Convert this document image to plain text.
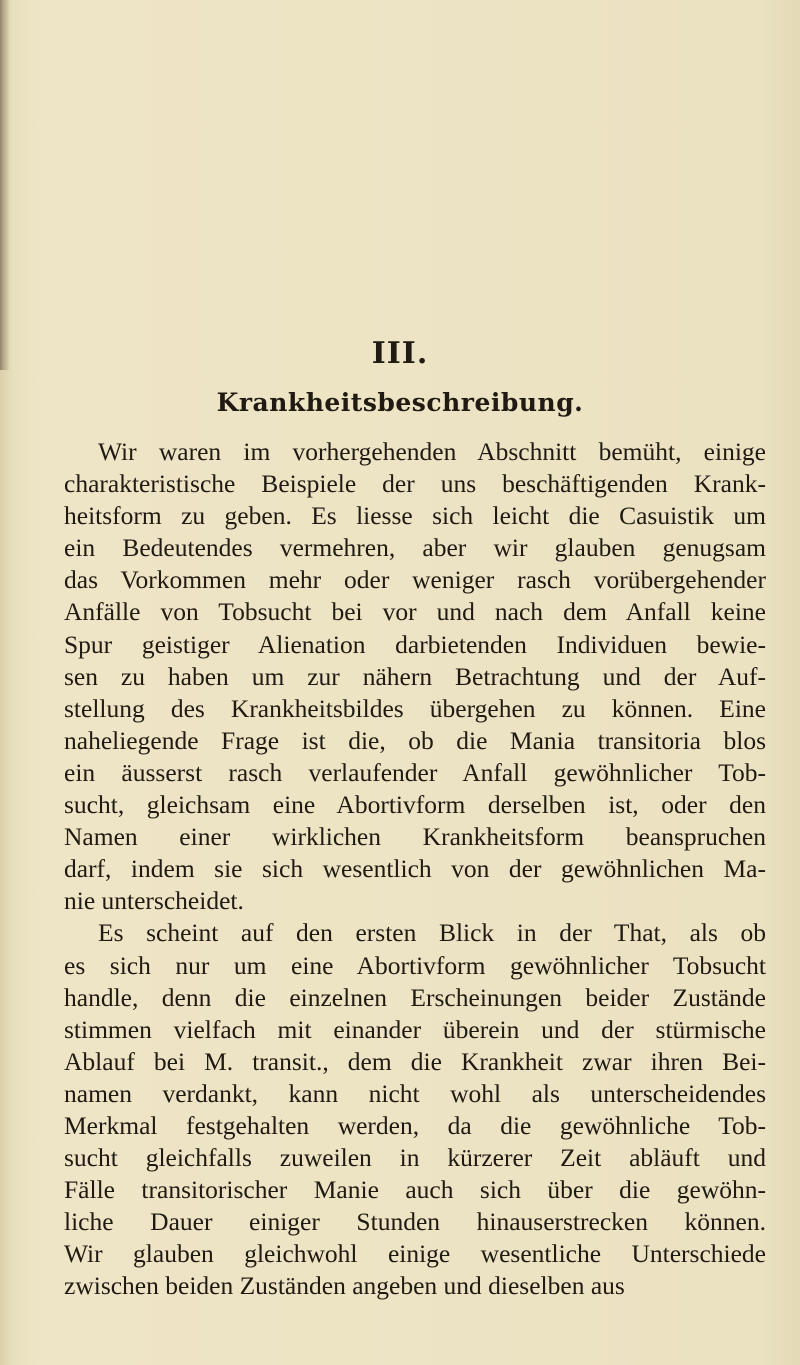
III.
Krankheitsbeschreibung.
Wir waren im vorhergehenden Abschnitt bemüht, einige
charakteristische Beispiele der uns beschäftigenden Krank-
heitsform zu geben. Es liesse sich leicht die Casuistik um
ein Bedeutendes vermehren, aber wir glauben genugsam
das Vorkommen mehr oder weniger rasch vorübergehender
Anfälle von Tobsucht bei vor und nach dem Anfall keine
Spur geistiger Alienation darbietenden Individuen bewie-
sen zu haben um zur nähern Betrachtung und der Auf-
stellung des Krankheitsbildes übergehen zu können. Eine
naheliegende Frage ist die, ob die Mania transitoria blos
ein äusserst rasch verlaufender Anfall gewöhnlicher Tob-
sucht, gleichsam eine Abortivform derselben ist, oder den
Namen einer wirklichen Krankheitsform beanspruchen
darf, indem sie sich wesentlich von der gewöhnlichen Ma-
nie unterscheidet.
Es scheint auf den ersten Blick in der That, als ob
es sich nur um eine Abortivform gewöhnlicher Tobsucht
handle, denn die einzelnen Erscheinungen beider Zustände
stimmen vielfach mit einander überein und der stürmische
Ablauf bei M. transit., dem die Krankheit zwar ihren Bei-
namen verdankt, kann nicht wohl als unterscheidendes
Merkmal festgehalten werden, da die gewöhnliche Tob-
sucht gleichfalls zuweilen in kürzerer Zeit abläuft und
Fälle transitorischer Manie auch sich über die gewöhn-
liche Dauer einiger Stunden hinauserstrecken können.
Wir glauben gleichwohl einige wesentliche Unterschiede
zwischen beiden Zuständen angeben und dieselben aus
